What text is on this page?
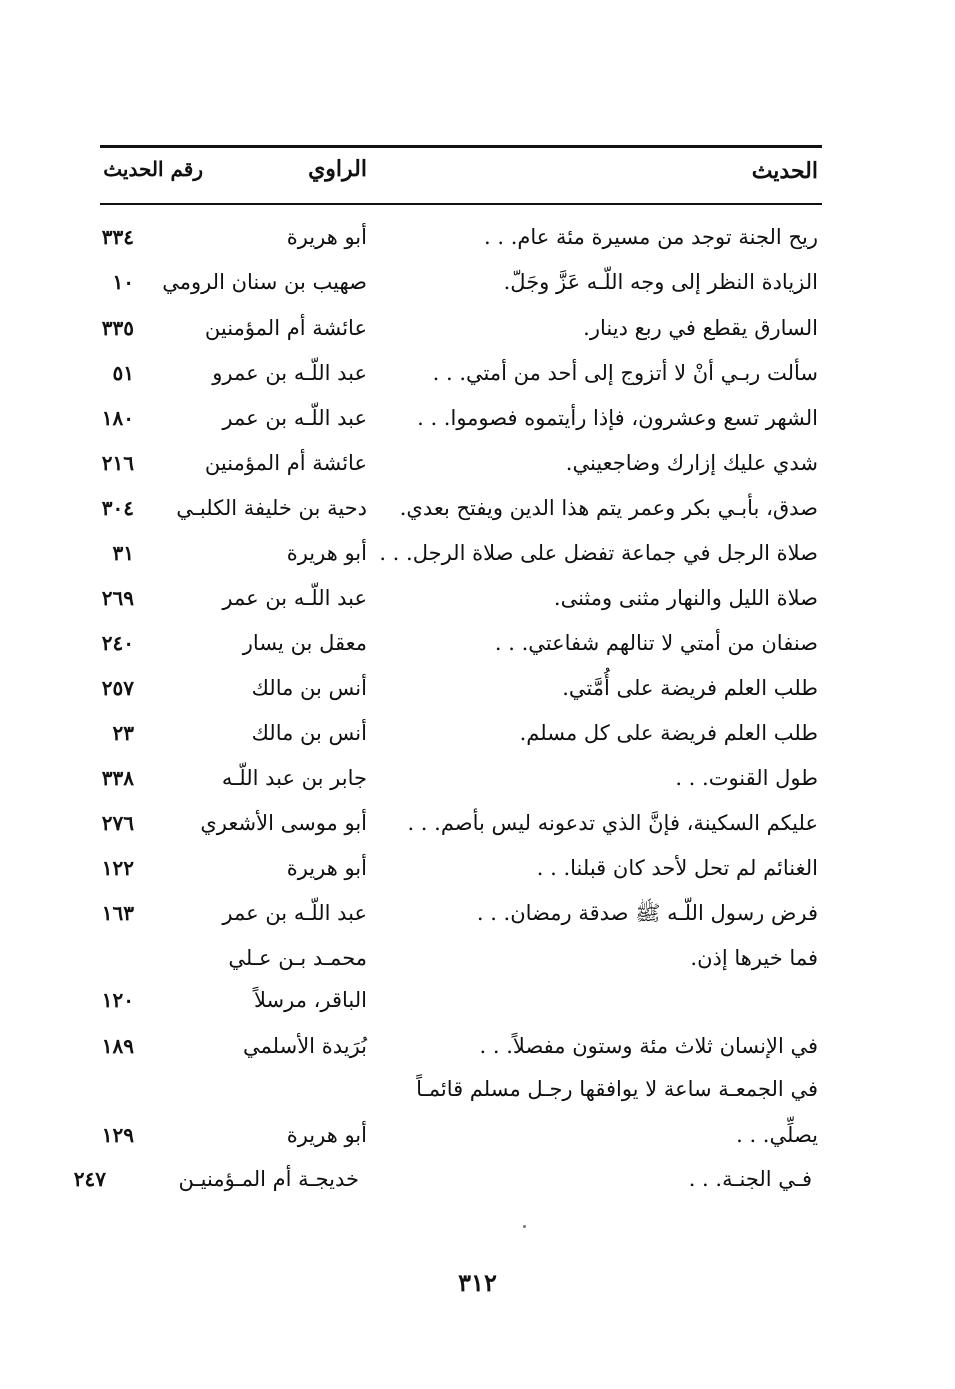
الحديث
الراوي
رقم الحديث
ريح الجنة توجد من مسيرة مئة عام. . .
أبو هريرة
٣٣٤
الزيادة النظر إلى وجه اللّـه عَزَّ وجَلّ.
صهيب بن سنان الرومي
١٠
السارق يقطع في ربع دينار.
عائشة أم المؤمنين
٣٣٥
سألت ربـي أنْ لا أتزوج إلى أحد من أمتي. . .
عبد اللّـه بن عمرو
٥١
الشهر تسع وعشرون، فإذا رأيتموه فصوموا. . .
عبد اللّـه بن عمر
١٨٠
شدي عليك إزارك وضاجعيني.
عائشة أم المؤمنين
٢١٦
صدق، بأبـي بكر وعمر يتم هذا الدين ويفتح بعدي.
دحية بن خليفة الكلبـي
٣٠٤
صلاة الرجل في جماعة تفضل على صلاة الرجل. . .
أبو هريرة
٣١
صلاة الليل والنهار مثنى ومثنى.
عبد اللّـه بن عمر
٢٦٩
صنفان من أمتي لا تنالهم شفاعتي. . .
معقل بن يسار
٢٤٠
طلب العلم فريضة على أُمَّتي.
أنس بن مالك
٢٥٧
طلب العلم فريضة على كل مسلم.
أنس بن مالك
٢٣
طول القنوت. . .
جابر بن عبد اللّـه
٣٣٨
عليكم السكينة، فإنَّ الذي تدعونه ليس بأصم. . .
أبو موسى الأشعري
٢٧٦
الغنائم لم تحل لأحد كان قبلنا. . .
أبو هريرة
١٢٢
فرض رسول اللّـه ﷺ صدقة رمضان. . .
عبد اللّـه بن عمر
١٦٣
فما خيرها إذن.
محمـد بـن عـلي
الباقر، مرسلاً
١٢٠
في الإنسان ثلاث مئة وستون مفصلاً. . .
بُرَيدة الأسلمي
١٨٩
في الجمعـة ساعة لا يوافقها رجـل مسلم قائمـاً
يصلِّي. . .
أبو هريرة
١٢٩
فـي الجنـة. . .
خديجـة أم المـؤمنيـن
٢٤٧
٣١٢
